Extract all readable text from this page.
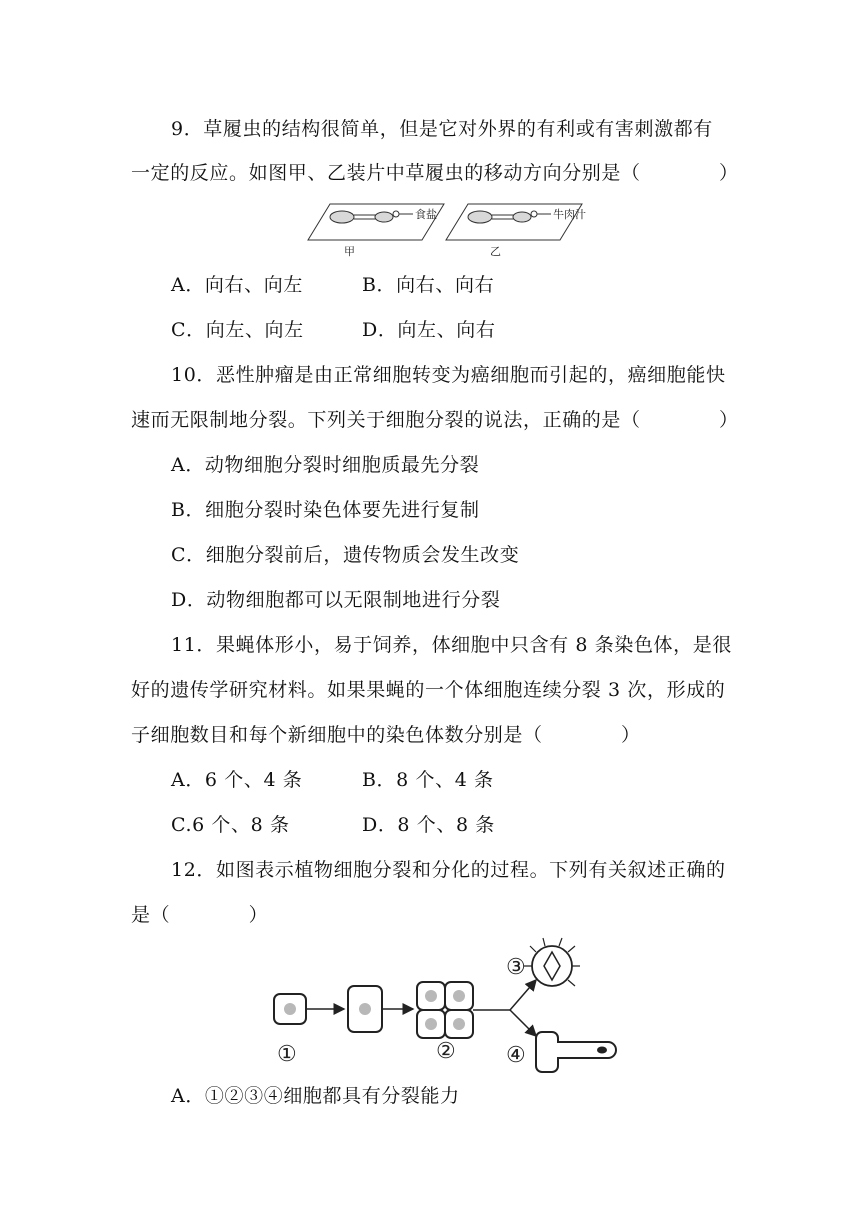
9．草履虫的结构很简单，但是它对外界的有利或有害刺激都有
一定的反应。如图甲、乙装片中草履虫的移动方向分别是（　　　　）
食盐
甲
牛肉汁
乙
A．向右、向左	B．向右、向右
C．向左、向左	D．向左、向右
10．恶性肿瘤是由正常细胞转变为癌细胞而引起的，癌细胞能快
速而无限制地分裂。下列关于细胞分裂的说法，正确的是（　　　　）
A．动物细胞分裂时细胞质最先分裂
B．细胞分裂时染色体要先进行复制
C．细胞分裂前后，遗传物质会发生改变
D．动物细胞都可以无限制地进行分裂
11．果蝇体形小，易于饲养，体细胞中只含有 8 条染色体，是很
好的遗传学研究材料。如果果蝇的一个体细胞连续分裂 3 次，形成的
子细胞数目和每个新细胞中的染色体数分别是（　　　　）
A．6 个、4 条	B．8 个、4 条
C.6 个、8 条	D．8 个、8 条
12．如图表示植物细胞分裂和分化的过程。下列有关叙述正确的
是（　　　　）
①	②
③
④
A．①②③④细胞都具有分裂能力
